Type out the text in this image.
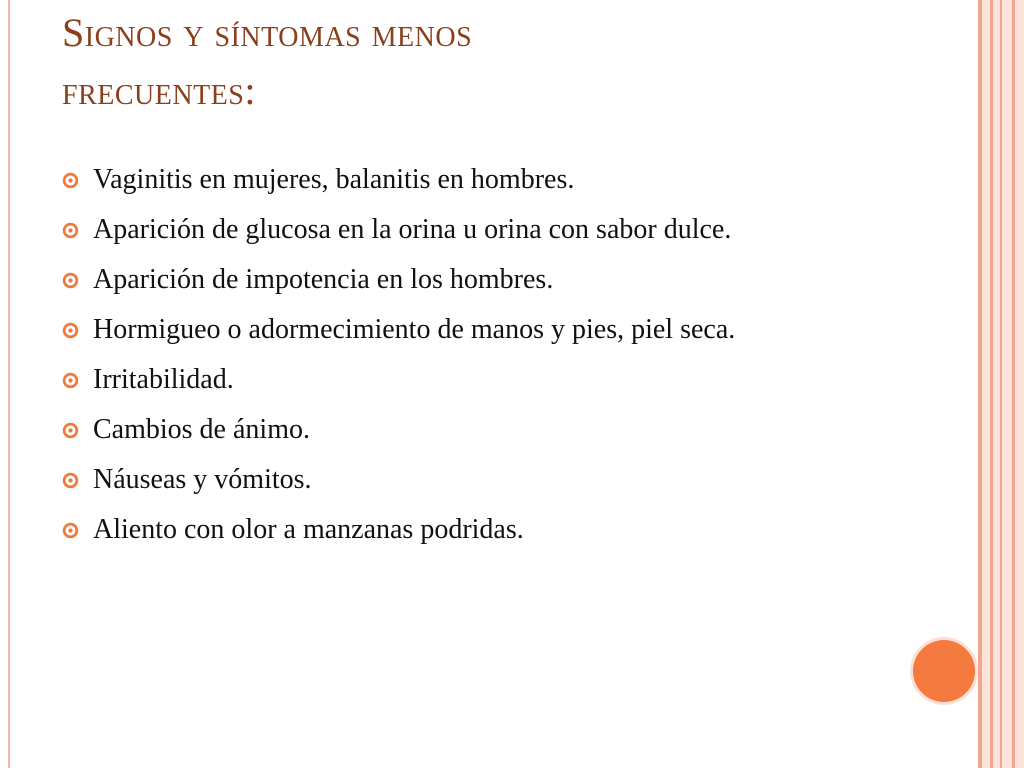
Signos y síntomas menos
frecuentes:
Vaginitis en mujeres, balanitis en hombres.
Aparición de glucosa en la orina u orina con sabor dulce.
Aparición de impotencia en los hombres.
Hormigueo o adormecimiento de manos y pies, piel seca.
Irritabilidad.
Cambios de ánimo.
Náuseas y vómitos.
Aliento con olor a manzanas podridas.
